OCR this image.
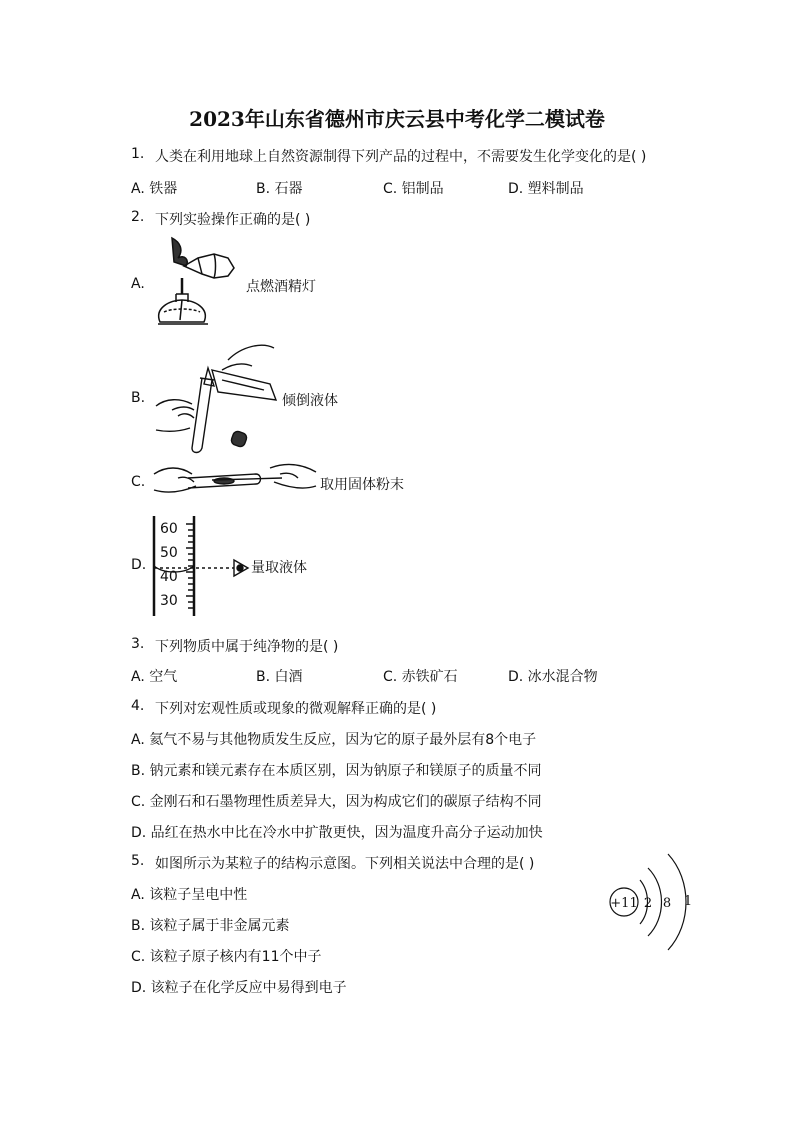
2023年山东省德州市庆云县中考化学二模试卷
1. 人类在利用地球上自然资源制得下列产品的过程中，不需要发生化学变化的是( )
A. 铁器	B. 石器	C. 铝制品	D. 塑料制品
2. 下列实验操作正确的是( )
A.	点燃酒精灯
B.	倾倒液体
C.	取用固体粉末
D.
60
50
40
30
量取液体
3. 下列物质中属于纯净物的是( )
A. 空气	B. 白酒	C. 赤铁矿石	D. 冰水混合物
4. 下列对宏观性质或现象的微观解释正确的是( )
A. 氦气不易与其他物质发生反应，因为它的原子最外层有8个电子
B. 钠元素和镁元素存在本质区别，因为钠原子和镁原子的质量不同
C. 金刚石和石墨物理性质差异大，因为构成它们的碳原子结构不同
D. 品红在热水中比在冷水中扩散更快，因为温度升高分子运动加快
5. 如图所示为某粒子的结构示意图。下列相关说法中合理的是( )
A. 该粒子呈电中性
B. 该粒子属于非金属元素
C. 该粒子原子核内有11个中子
D. 该粒子在化学反应中易得到电子
+11 2 8 1
